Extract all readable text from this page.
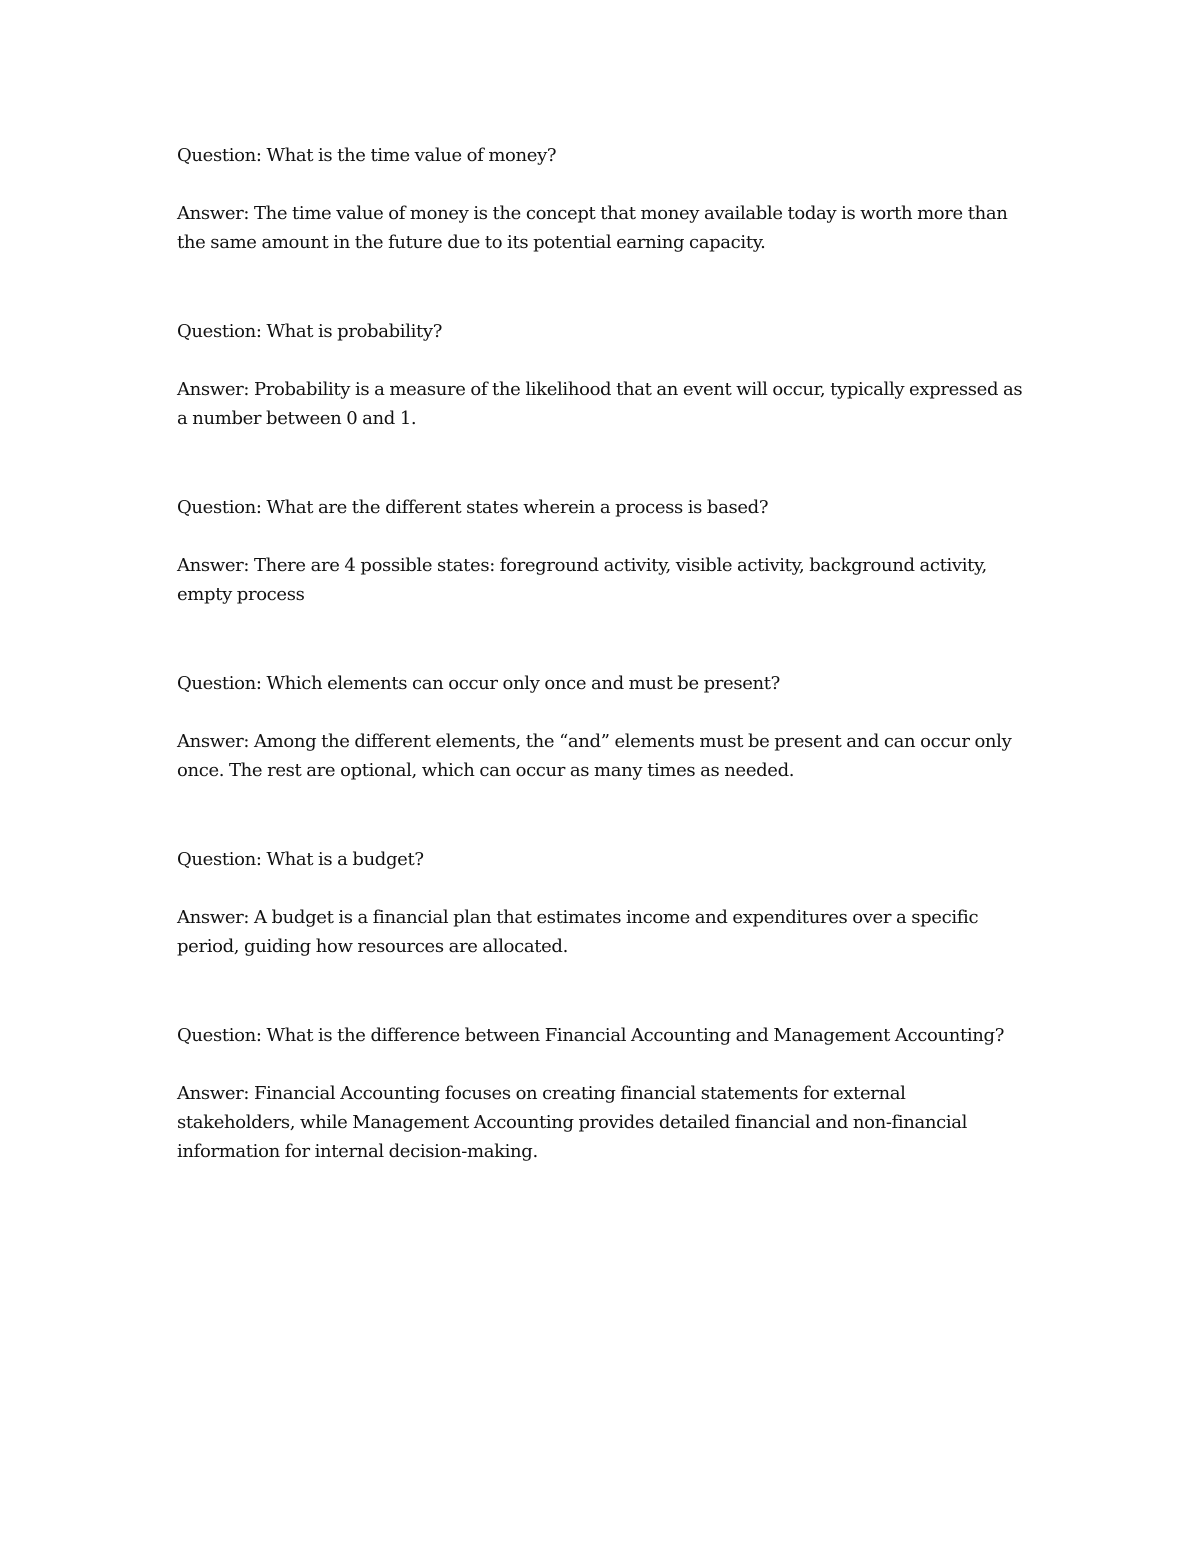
Question: What is the time value of money?

Answer: The time value of money is the concept that money available today is worth more than the same amount in the future due to its potential earning capacity.

Question: What is probability?

Answer: Probability is a measure of the likelihood that an event will occur, typically expressed as a number between 0 and 1.

Question: What are the different states wherein a process is based?

Answer: There are 4 possible states: foreground activity, visible activity, background activity, empty process

Question: Which elements can occur only once and must be present?

Answer: Among the different elements, the “and” elements must be present and can occur only once. The rest are optional, which can occur as many times as needed.

Question: What is a budget?

Answer: A budget is a financial plan that estimates income and expenditures over a specific period, guiding how resources are allocated.

Question: What is the difference between Financial Accounting and Management Accounting?

Answer: Financial Accounting focuses on creating financial statements for external stakeholders, while Management Accounting provides detailed financial and non-financial information for internal decision-making.
